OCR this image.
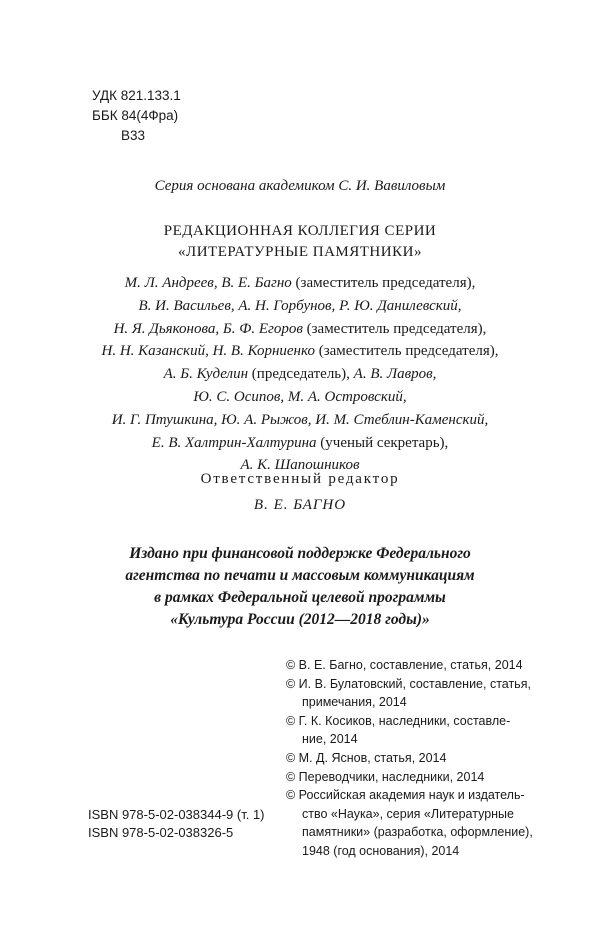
УДК 821.133.1
ББК 84(4Фра)
В33
Серия основана академиком С. И. Вавиловым
РЕДАКЦИОННАЯ КОЛЛЕГИЯ СЕРИИ
«ЛИТЕРАТУРНЫЕ ПАМЯТНИКИ»
М. Л. Андреев, В. Е. Багно (заместитель председателя),
В. И. Васильев, А. Н. Горбунов, Р. Ю. Данилевский,
Н. Я. Дьяконова, Б. Ф. Егоров (заместитель председателя),
Н. Н. Казанский, Н. В. Корниенко (заместитель председателя),
А. Б. Куделин (председатель), А. В. Лавров,
Ю. С. Осипов, М. А. Островский,
И. Г. Птушкина, Ю. А. Рыжов, И. М. Стеблин-Каменский,
Е. В. Халтрин-Халтурина (ученый секретарь),
А. К. Шапошников
Ответственный редактор
В. Е. БАГНО
Издано при финансовой поддержке Федерального
агентства по печати и массовым коммуникациям
в рамках Федеральной целевой программы
«Культура России (2012—2018 годы)»
© В. Е. Багно, составление, статья, 2014
© И. В. Булатовский, составление, статья,
примечания, 2014
© Г. К. Косиков, наследники, составле-
ние, 2014
© М. Д. Яснов, статья, 2014
© Переводчики, наследники, 2014
© Российская академия наук и издатель-
ство «Наука», серия «Литературные
памятники» (разработка, оформление),
1948 (год основания), 2014
ISBN 978-5-02-038344-9 (т. 1)
ISBN 978-5-02-038326-5
